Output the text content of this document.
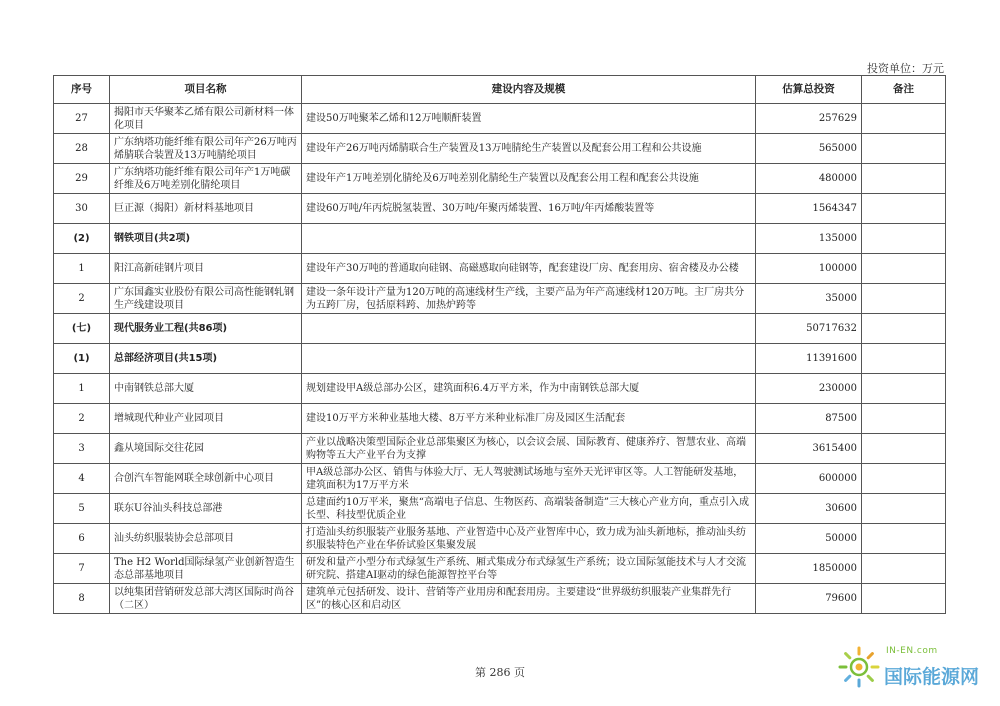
投资单位：万元
序号	项目名称	建设内容及规模	估算总投资	备注
27	揭阳市天华聚苯乙烯有限公司新材料一体化项目	建设50万吨聚苯乙烯和12万吨顺酐装置	257629	
28	广东纳塔功能纤维有限公司年产26万吨丙烯腈联合装置及13万吨腈纶项目	建设年产26万吨丙烯腈联合生产装置及13万吨腈纶生产装置以及配套公用工程和公共设施	565000	
29	广东纳塔功能纤维有限公司年产1万吨碳纤维及6万吨差别化腈纶项目	建设年产1万吨差别化腈纶及6万吨差别化腈纶生产装置以及配套公用工程和配套公共设施	480000	
30	巨正源（揭阳）新材料基地项目	建设60万吨/年丙烷脱氢装置、30万吨/年聚丙烯装置、16万吨/年丙烯酸装置等	1564347	
(2)	钢铁项目(共2项)		135000	
1	阳江高新硅钢片项目	建设年产30万吨的普通取向硅钢、高磁感取向硅钢等，配套建设厂房、配套用房、宿舍楼及办公楼	100000	
2	广东国鑫实业股份有限公司高性能钢轧钢生产线建设项目	建设一条年设计产量为120万吨的高速线材生产线，主要产品为年产高速线材120万吨。主厂房共分为五跨厂房，包括原料跨、加热炉跨等	35000	
(七)	现代服务业工程(共86项)		50717632	
(1)	总部经济项目(共15项)		11391600	
1	中南钢铁总部大厦	规划建设甲A级总部办公区，建筑面积6.4万平方米，作为中南钢铁总部大厦	230000	
2	增城现代种业产业园项目	建设10万平方米种业基地大楼、8万平方米种业标准厂房及园区生活配套	87500	
3	鑫从境国际交往花园	产业以战略决策型国际企业总部集聚区为核心，以会议会展、国际教育、健康养疗、智慧农业、高端购物等五大产业平台为支撑	3615400	
4	合创汽车智能网联全球创新中心项目	甲A级总部办公区、销售与体验大厅、无人驾驶测试场地与室外天光评审区等。人工智能研发基地，建筑面积为17万平方米	600000	
5	联东U谷汕头科技总部港	总建面约10万平米，聚焦“高端电子信息、生物医药、高端装备制造”三大核心产业方向，重点引入成长型、科技型优质企业	30600	
6	汕头纺织服装协会总部项目	打造汕头纺织服装产业服务基地、产业智造中心及产业智库中心，致力成为汕头新地标，推动汕头纺织服装特色产业在华侨试验区集聚发展	50000	
7	The H2 World国际绿氢产业创新智造生态总部基地项目	研发和量产小型分布式绿氢生产系统、厢式集成分布式绿氢生产系统；设立国际氢能技术与人才交流研究院、搭建AI驱动的绿色能源智控平台等	1850000	
8	以纯集团营销研发总部大湾区国际时尚谷（二区）	建筑单元包括研发、设计、营销等产业用房和配套用房。主要建设“世界级纺织服装产业集群先行区”的核心区和启动区	79600	
第 286 页
IN-EN.com
国际能源网
